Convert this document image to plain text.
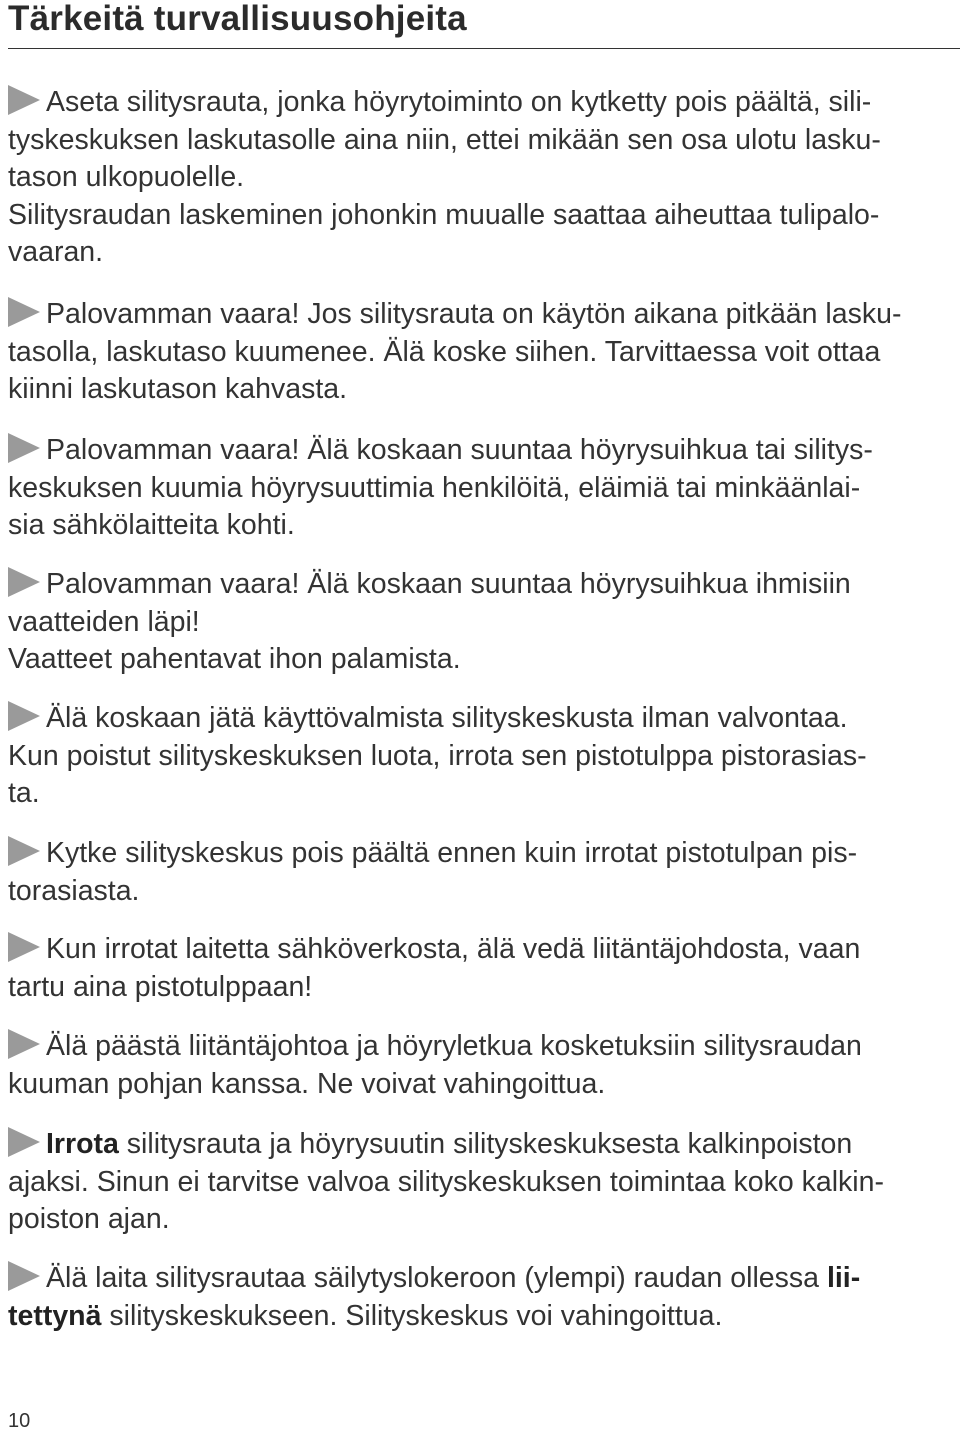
Tärkeitä turvallisuusohjeita
Aseta silitysrauta, jonka höyrytoiminto on kytketty pois päältä, sili-
tyskeskuksen laskutasolle aina niin, ettei mikään sen osa ulotu lasku-
tason ulkopuolelle.
Silitysraudan laskeminen johonkin muualle saattaa aiheuttaa tulipalo-
vaaran.
Palovamman vaara! Jos silitysrauta on käytön aikana pitkään lasku-
tasolla, laskutaso kuumenee. Älä koske siihen. Tarvittaessa voit ottaa
kiinni laskutason kahvasta.
Palovamman vaara! Älä koskaan suuntaa höyrysuihkua tai silitys-
keskuksen kuumia höyrysuuttimia henkilöitä, eläimiä tai minkäänlai-
sia sähkölaitteita kohti.
Palovamman vaara! Älä koskaan suuntaa höyrysuihkua ihmisiin
vaatteiden läpi!
Vaatteet pahentavat ihon palamista.
Älä koskaan jätä käyttövalmista silityskeskusta ilman valvontaa.
Kun poistut silityskeskuksen luota, irrota sen pistotulppa pistorasias-
ta.
Kytke silityskeskus pois päältä ennen kuin irrotat pistotulpan pis-
torasiasta.
Kun irrotat laitetta sähköverkosta, älä vedä liitäntäjohdosta, vaan
tartu aina pistotulppaan!
Älä päästä liitäntäjohtoa ja höyryletkua kosketuksiin silitysraudan
kuuman pohjan kanssa. Ne voivat vahingoittua.
Irrota silitysrauta ja höyrysuutin silityskeskuksesta kalkinpoiston
ajaksi. Sinun ei tarvitse valvoa silityskeskuksen toimintaa koko kalkin-
poiston ajan.
Älä laita silitysrautaa säilytyslokeroon (ylempi) raudan ollessa lii-
tettynä silityskeskukseen. Silityskeskus voi vahingoittua.
10
